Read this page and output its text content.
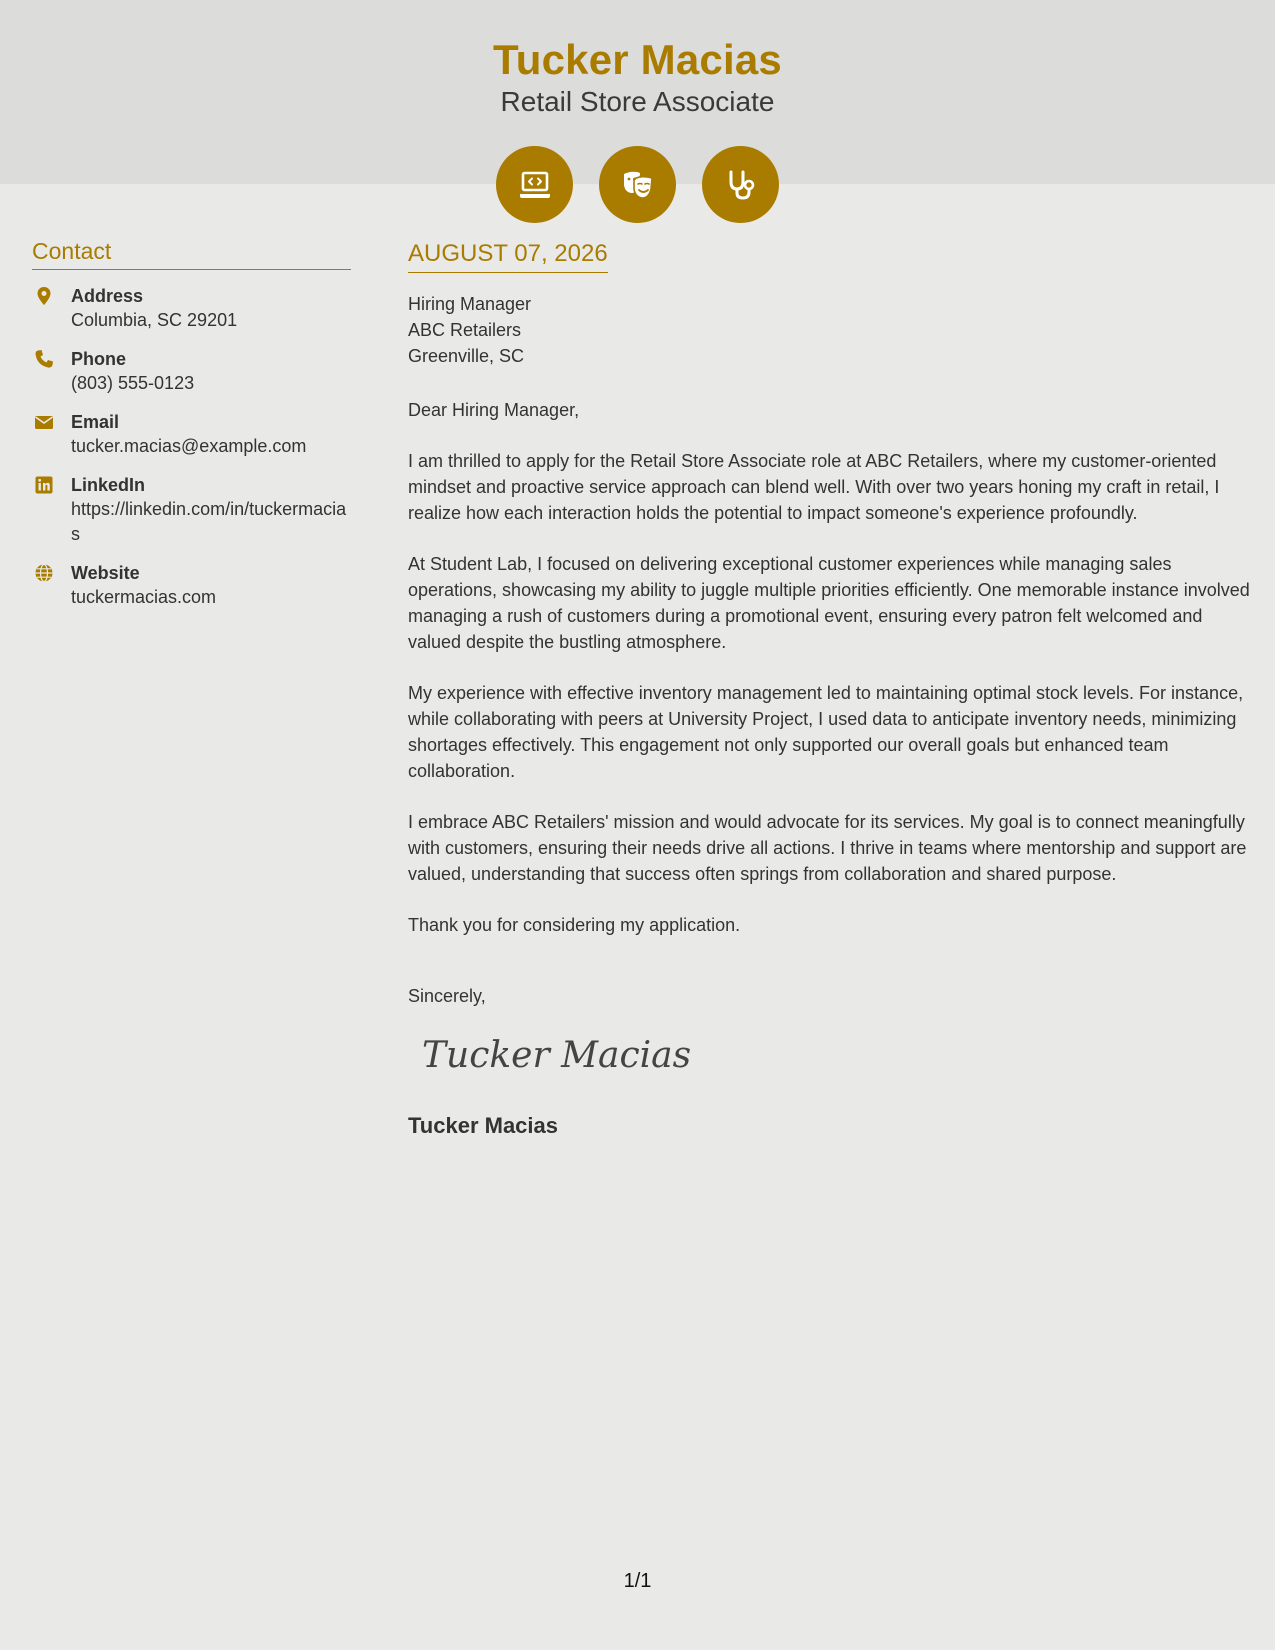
Tucker Macias
Retail Store Associate
Contact
Address
Columbia, SC 29201
Phone
(803) 555-0123
Email
tucker.macias@example.com
LinkedIn
https://linkedin.com/in/tuckermacias
Website
tuckermacias.com
AUGUST 07, 2026
Hiring Manager
ABC Retailers
Greenville, SC
Dear Hiring Manager,
I am thrilled to apply for the Retail Store Associate role at ABC Retailers, where my customer-oriented mindset and proactive service approach can blend well. With over two years honing my craft in retail, I realize how each interaction holds the potential to impact someone's experience profoundly.
At Student Lab, I focused on delivering exceptional customer experiences while managing sales operations, showcasing my ability to juggle multiple priorities efficiently. One memorable instance involved managing a rush of customers during a promotional event, ensuring every patron felt welcomed and valued despite the bustling atmosphere.
My experience with effective inventory management led to maintaining optimal stock levels. For instance, while collaborating with peers at University Project, I used data to anticipate inventory needs, minimizing shortages effectively. This engagement not only supported our overall goals but enhanced team collaboration.
I embrace ABC Retailers' mission and would advocate for its services. My goal is to connect meaningfully with customers, ensuring their needs drive all actions. I thrive in teams where mentorship and support are valued, understanding that success often springs from collaboration and shared purpose.
Thank you for considering my application.
Sincerely,
Tucker Macias
Tucker Macias
1/1
